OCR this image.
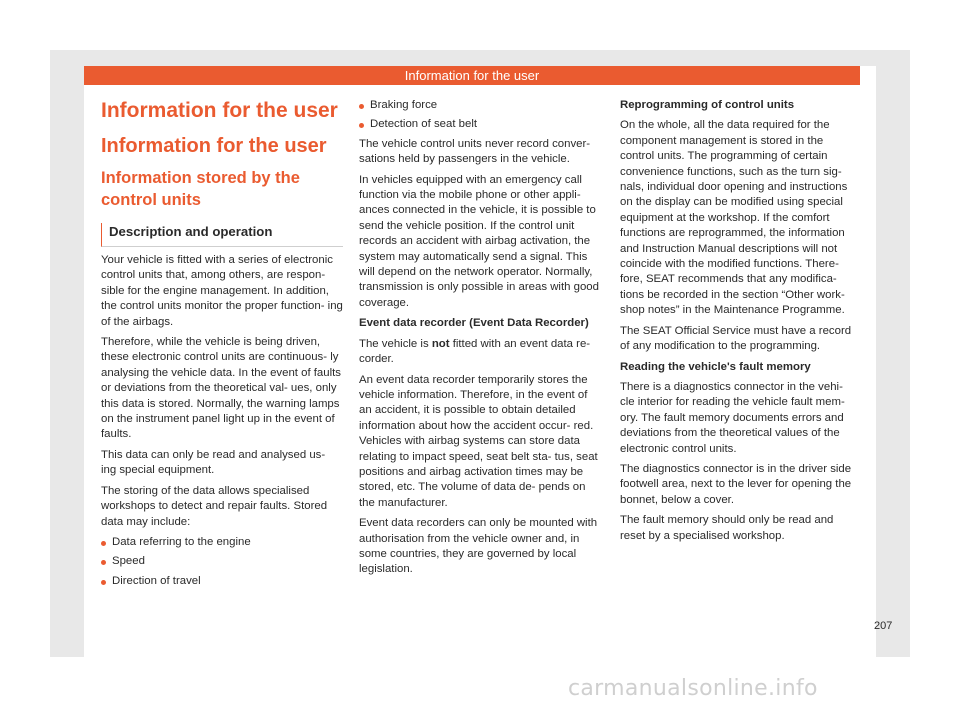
Information for the user
Information for the user
Information for the user
Information stored by the control units
Description and operation

Your vehicle is fitted with a series of electronic control units that, among others, are respon- sible for the engine management. In addition, the control units monitor the proper function- ing of the airbags.

Therefore, while the vehicle is being driven, these electronic control units are continuous- ly analysing the vehicle data. In the event of faults or deviations from the theoretical val- ues, only this data is stored. Normally, the warning lamps on the instrument panel light up in the event of faults.

This data can only be read and analysed us- ing special equipment.

The storing of the data allows specialised workshops to detect and repair faults. Stored data may include:

Data referring to the engine
Speed
Direction of travel
Braking force
Detection of seat belt

The vehicle control units never record conver- sations held by passengers in the vehicle.

In vehicles equipped with an emergency call function via the mobile phone or other appli- ances connected in the vehicle, it is possible to send the vehicle position. If the control unit records an accident with airbag activation, the system may automatically send a signal. This will depend on the network operator. Normally, transmission is only possible in areas with good coverage.

Event data recorder (Event Data Recorder)

The vehicle is not fitted with an event data re- corder.

An event data recorder temporarily stores the vehicle information. Therefore, in the event of an accident, it is possible to obtain detailed information about how the accident occur- red. Vehicles with airbag systems can store data relating to impact speed, seat belt sta- tus, seat positions and airbag activation times may be stored, etc. The volume of data de- pends on the manufacturer.

Event data recorders can only be mounted with authorisation from the vehicle owner and, in some countries, they are governed by local legislation.

Reprogramming of control units

On the whole, all the data required for the component management is stored in the control units. The programming of certain convenience functions, such as the turn sig- nals, individual door opening and instructions on the display can be modified using special equipment at the workshop. If the comfort functions are reprogrammed, the information and Instruction Manual descriptions will not coincide with the modified functions. There- fore, SEAT recommends that any modifica- tions be recorded in the section “Other work- shop notes” in the Maintenance Programme.

The SEAT Official Service must have a record of any modification to the programming.

Reading the vehicle's fault memory

There is a diagnostics connector in the vehi- cle interior for reading the vehicle fault mem- ory. The fault memory documents errors and deviations from the theoretical values of the electronic control units.

The diagnostics connector is in the driver side footwell area, next to the lever for opening the bonnet, below a cover.

The fault memory should only be read and reset by a specialised workshop.

207
carmanualsonline.info
